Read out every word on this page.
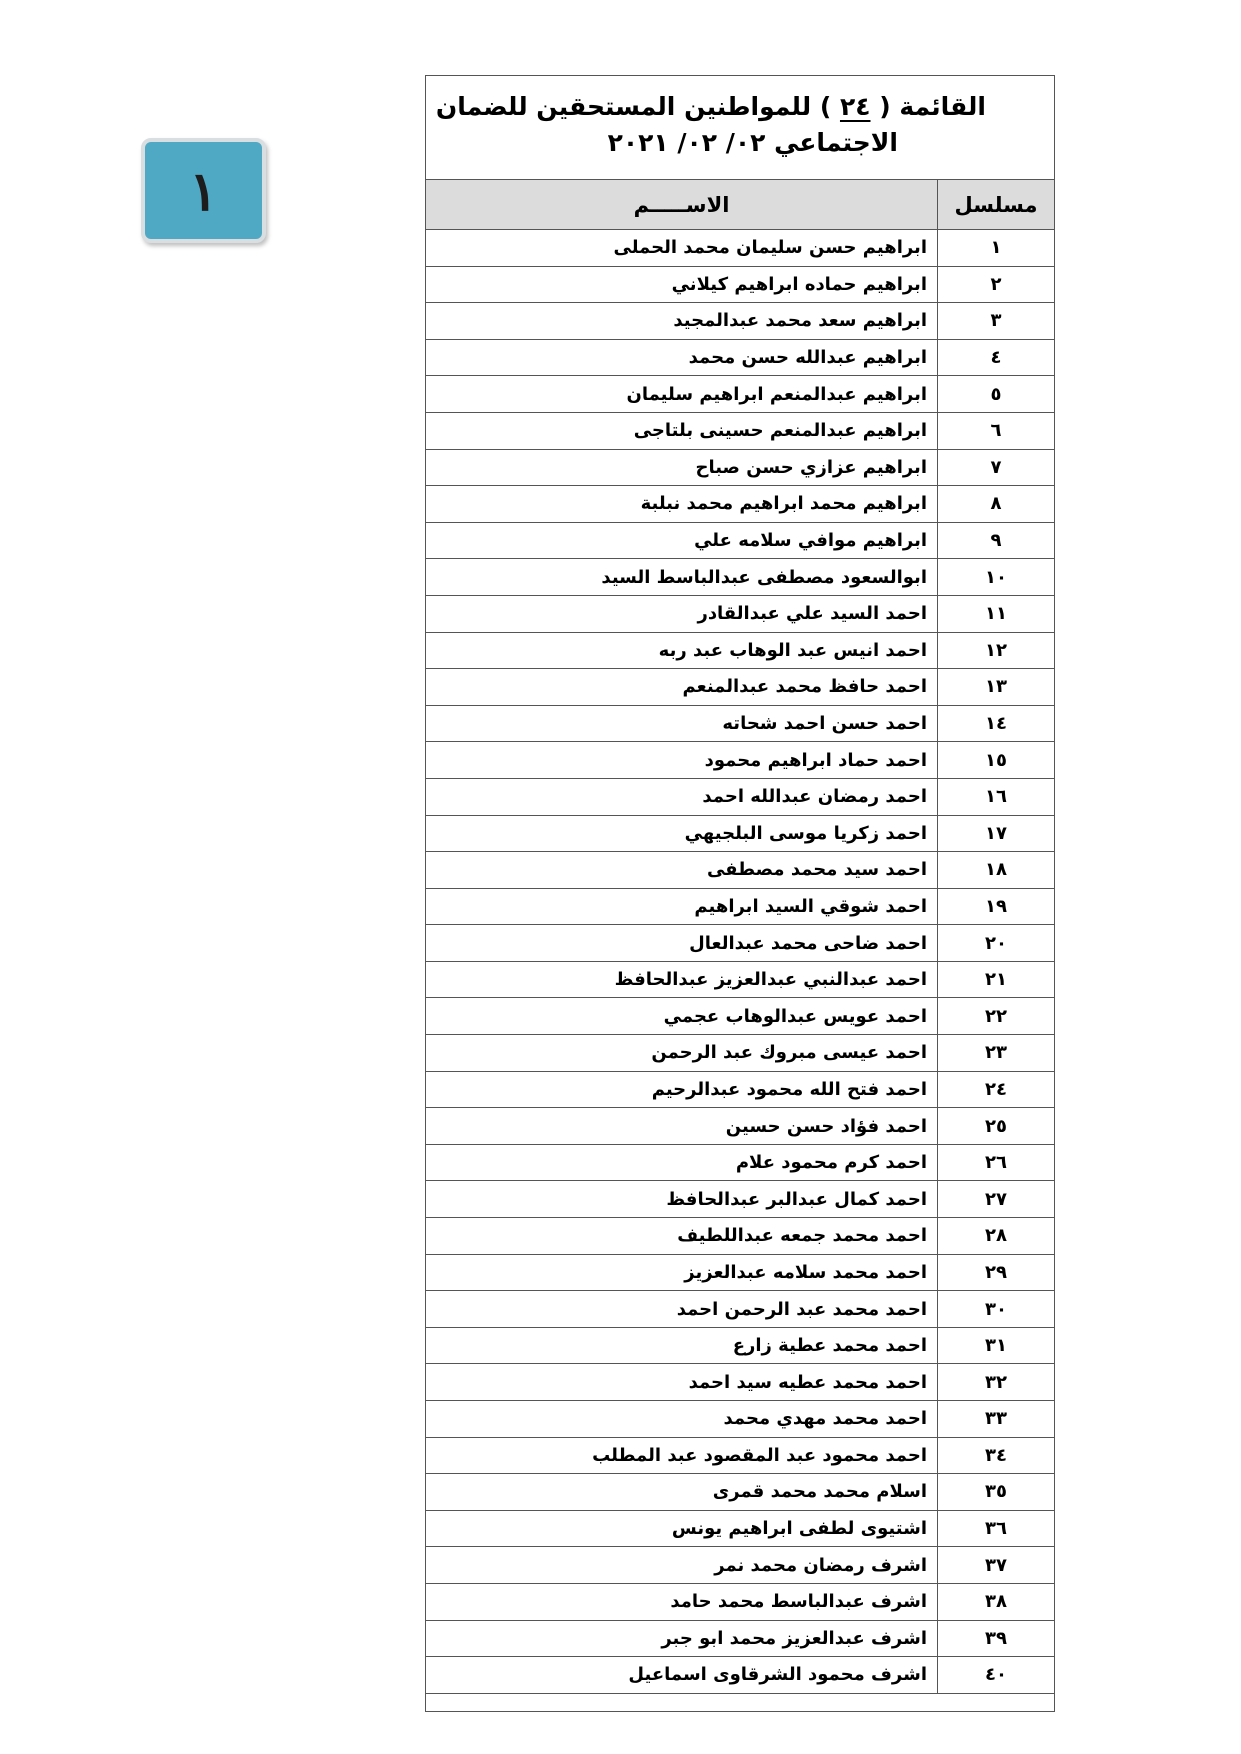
١
القائمة ( ٢٤ ) للمواطنين المستحقين للضمان
الاجتماعي ٠٢/ ٠٢/ ٢٠٢١
مسلسل	الاســـــم
١	ابراهيم حسن سليمان محمد الحملى
٢	ابراهيم حماده ابراهيم كيلاني
٣	ابراهيم سعد محمد عبدالمجيد
٤	ابراهيم عبدالله حسن محمد
٥	ابراهيم عبدالمنعم ابراهيم سليمان
٦	ابراهيم عبدالمنعم حسينى بلتاجى
٧	ابراهيم عزازي حسن صباح
٨	ابراهيم محمد ابراهيم محمد نبلبة
٩	ابراهيم موافي سلامه علي
١٠	ابوالسعود مصطفى عبدالباسط السيد
١١	احمد السيد علي عبدالقادر
١٢	احمد انيس عبد الوهاب عبد ربه
١٣	احمد حافظ محمد عبدالمنعم
١٤	احمد حسن احمد شحاته
١٥	احمد حماد ابراهيم محمود
١٦	احمد رمضان عبدالله احمد
١٧	احمد زكريا موسى البلجيهي
١٨	احمد سيد محمد مصطفى
١٩	احمد شوقي السيد ابراهيم
٢٠	احمد ضاحى محمد عبدالعال
٢١	احمد عبدالنبي عبدالعزيز عبدالحافظ
٢٢	احمد عويس عبدالوهاب عجمي
٢٣	احمد عيسى مبروك عبد الرحمن
٢٤	احمد فتح الله محمود عبدالرحيم
٢٥	احمد فؤاد حسن حسين
٢٦	احمد كرم محمود علام
٢٧	احمد كمال عبدالبر عبدالحافظ
٢٨	احمد محمد جمعه عبداللطيف
٢٩	احمد محمد سلامه عبدالعزيز
٣٠	احمد محمد عبد الرحمن احمد
٣١	احمد محمد عطية زارع
٣٢	احمد محمد عطيه سيد احمد
٣٣	احمد محمد مهدي محمد
٣٤	احمد محمود عبد المقصود عبد المطلب
٣٥	اسلام محمد محمد قمرى
٣٦	اشتيوى لطفى ابراهيم يونس
٣٧	اشرف رمضان محمد نمر
٣٨	اشرف عبدالباسط محمد حامد
٣٩	اشرف عبدالعزيز محمد ابو جبر
٤٠	اشرف محمود الشرقاوى اسماعيل
